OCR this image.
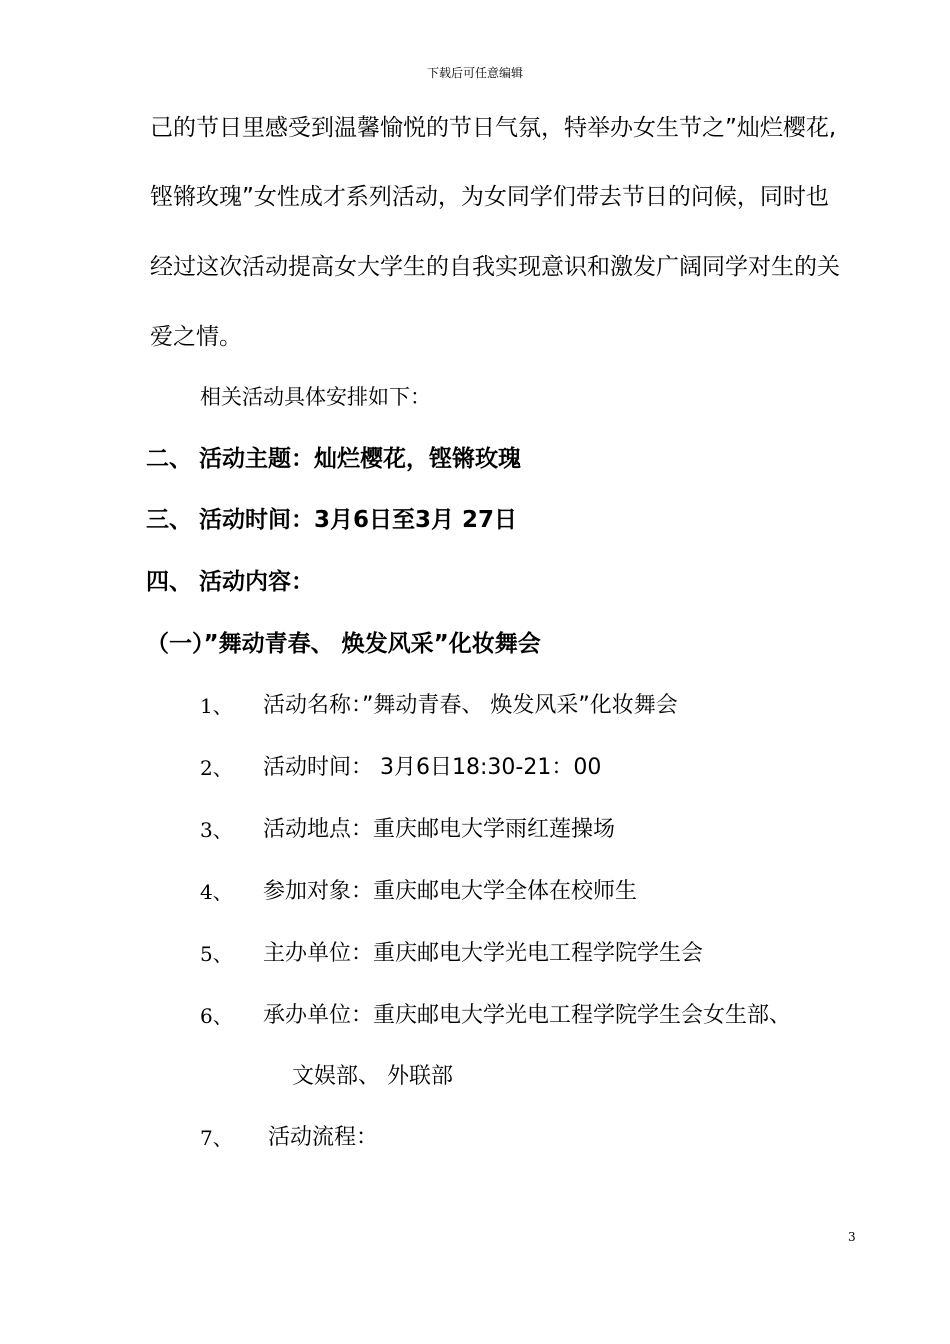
下载后可任意编辑
己的节日里感受到温馨愉悦的节日气氛，特举办女生节之”灿烂樱花,
铿锵玫瑰”女性成才系列活动，为女同学们带去节日的问候，同时也
经过这次活动提高女大学生的自我实现意识和激发广阔同学对生的关
爱之情。
相关活动具体安排如下：
二、 活动主题：灿烂樱花，铿锵玫瑰
三、 活动时间：3月6日至3月 27日
四、 活动内容：
（一）”舞动青春、 焕发风采”化妆舞会
1、 活动名称：”舞动青春、 焕发风采”化妆舞会
2、 活动时间： 3月6日18:30-21：00
3、 活动地点：重庆邮电大学雨红莲操场
4、 参加对象：重庆邮电大学全体在校师生
5、 主办单位：重庆邮电大学光电工程学院学生会
6、 承办单位：重庆邮电大学光电工程学院学生会女生部、
文娱部、 外联部
7、 活动流程：
3
